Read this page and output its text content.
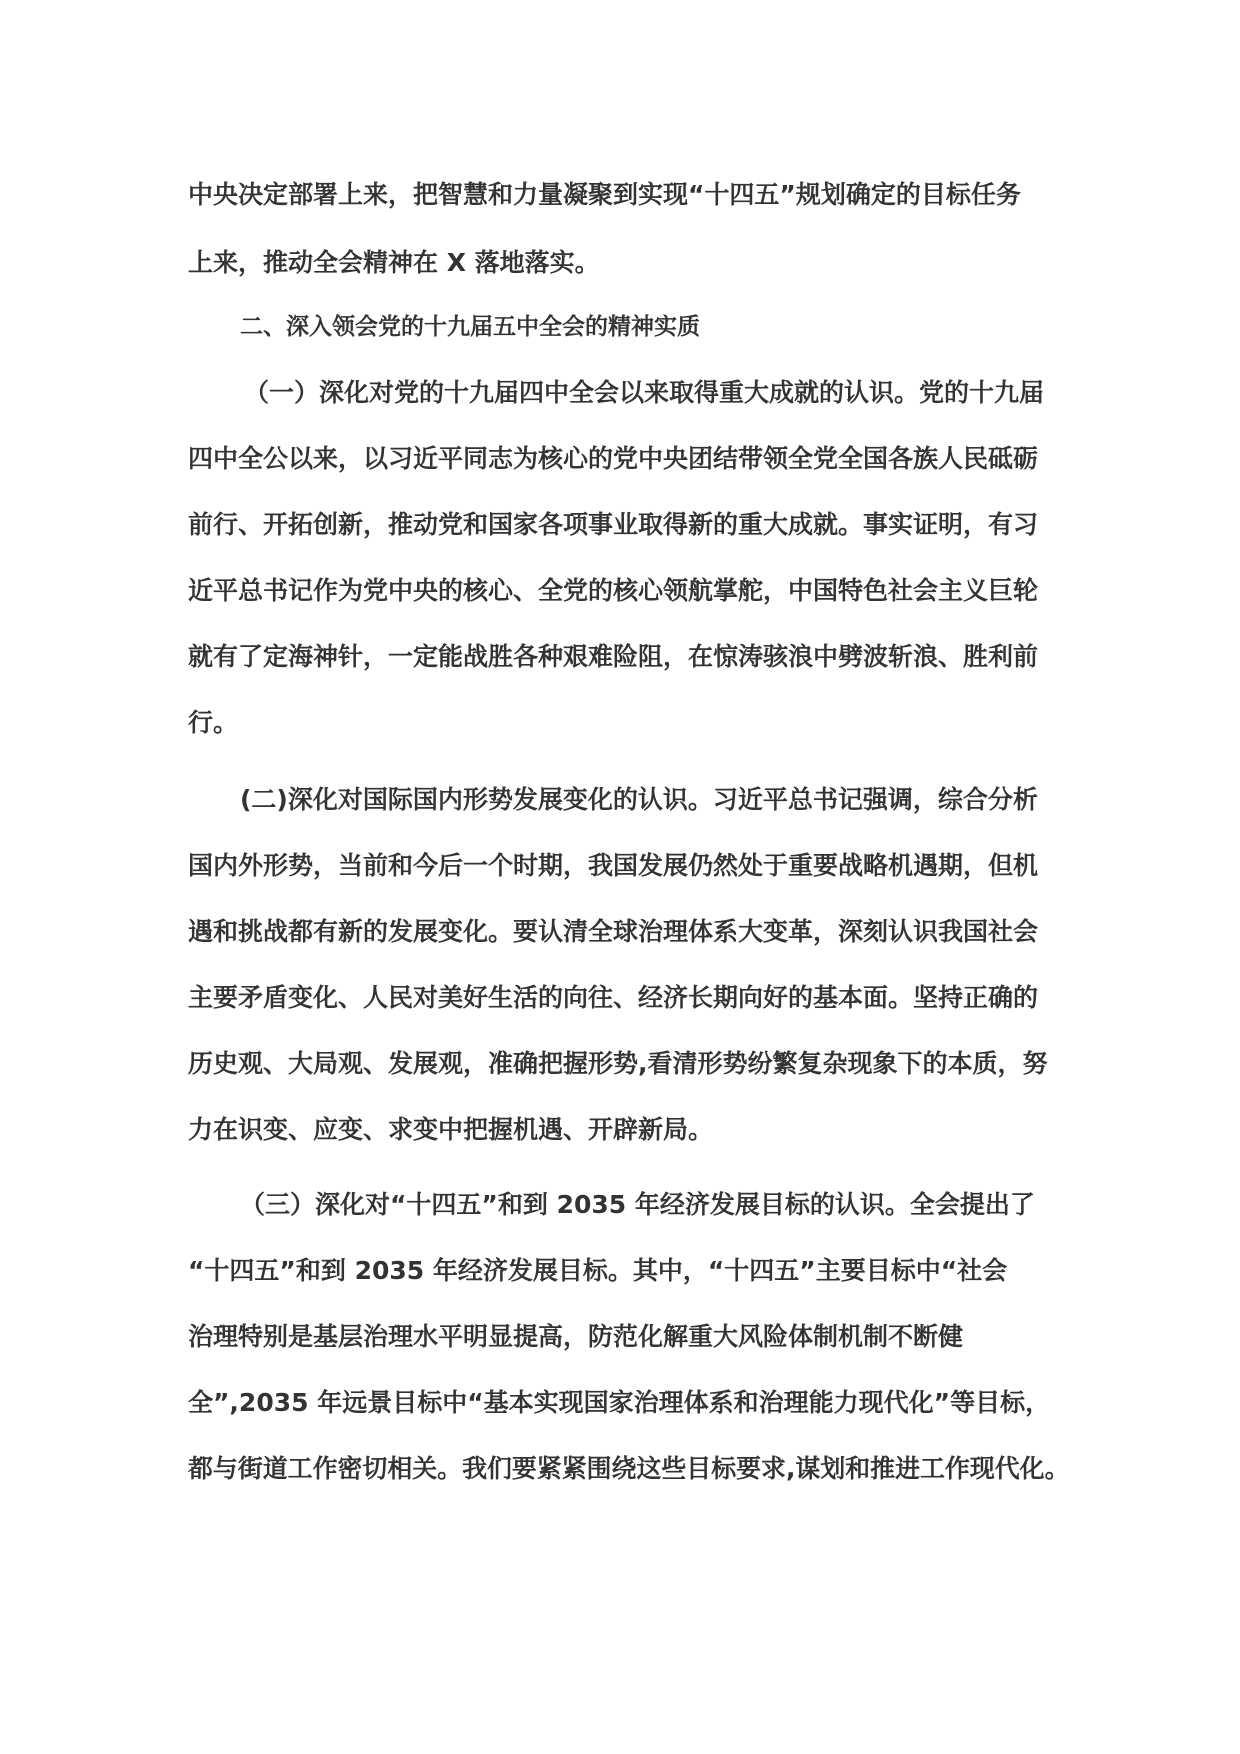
中央决定部署上来，把智慧和力量凝聚到实现“十四五”规划确定的目标任务
上来，推动全会精神在 X 落地落实。
二、深入领会党的十九届五中全会的精神实质
（一）深化对党的十九届四中全会以来取得重大成就的认识。党的十九届
四中全公以来，以习近平同志为核心的党中央团结带领全党全国各族人民砥砺
前行、开拓创新，推动党和国家各项事业取得新的重大成就。事实证明，有习
近平总书记作为党中央的核心、全党的核心领航掌舵，中国特色社会主义巨轮
就有了定海神针，一定能战胜各种艰难险阻，在惊涛骇浪中劈波斩浪、胜利前
行。
(二)深化对国际国内形势发展变化的认识。习近平总书记强调，综合分析
国内外形势，当前和今后一个时期，我国发展仍然处于重要战略机遇期，但机
遇和挑战都有新的发展变化。要认清全球治理体系大变革，深刻认识我国社会
主要矛盾变化、人民对美好生活的向往、经济长期向好的基本面。坚持正确的
历史观、大局观、发展观，准确把握形势,看清形势纷繁复杂现象下的本质，努
力在识变、应变、求变中把握机遇、开辟新局。
（三）深化对“十四五”和到 2035 年经济发展目标的认识。全会提出了
“十四五”和到 2035 年经济发展目标。其中，“十四五”主要目标中“社会
治理特别是基层治理水平明显提高，防范化解重大风险体制机制不断健
全”,2035 年远景目标中“基本实现国家治理体系和治理能力现代化”等目标，
都与街道工作密切相关。我们要紧紧围绕这些目标要求,谋划和推进工作现代化。
